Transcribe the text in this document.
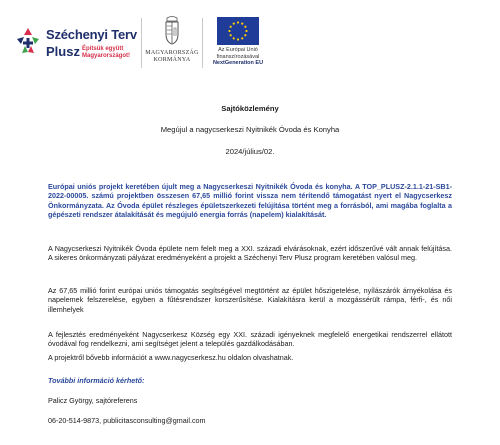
Széchenyi Terv
Plusz Építsük együtt Magyarországot!	MAGYARORSZÁG
KORMÁNYA
Az Európai Unió
finanszírozásával
NextGeneration EU
Sajtóközlemény
Megújul a nagycserkeszi Nyitnikék Óvoda és Konyha
2024/július/02.
Európai uniós projekt keretében újult meg a Nagycserkeszi Nyitnikék Óvoda és konyha. A TOP_PLUSZ-2.1.1-21-SB1-2022-00005. számú projektben összesen 67,65 millió forint vissza nem térítendő támogatást nyert el Nagycserkesz Önkormányzata. Az Óvoda épület részleges épületszerkezeti felújítása történt meg a forrásból, ami magába foglalta a gépészeti rendszer átalakítását és megújuló energia forrás (napelem) kialakítását.
A Nagycserkeszi Nyitnikék Óvoda épülete nem felelt meg a XXI. századi elvárásoknak, ezért időszerűvé vált annak felújítása. A sikeres önkormányzati pályázat eredményeként a projekt a Széchenyi Terv Plusz program keretében valósul meg.
Az 67,65 millió forint európai uniós támogatás segítségével megtörtént az épület hőszigetelése, nyílászárók árnyékolása és napelemek felszerelése, egyben a fűtésrendszer korszerűsítése. Kialakításra kerül a mozgássérült rámpa, férfi-, és női illemhelyek
A fejlesztés eredményeként Nagycserkesz Község egy XXI. századi igényeknek megfelelő energetikai rendszerrel ellátott óvodával fog rendelkezni, ami segítséget jelent a település gazdálkodásában.
A projektről bővebb információt a www.nagycserkesz.hu oldalon olvashatnak.
További információ kérhető:
Palicz György, sajtóreferens
06-20-514-9873, publicitasconsulting@gmail.com
